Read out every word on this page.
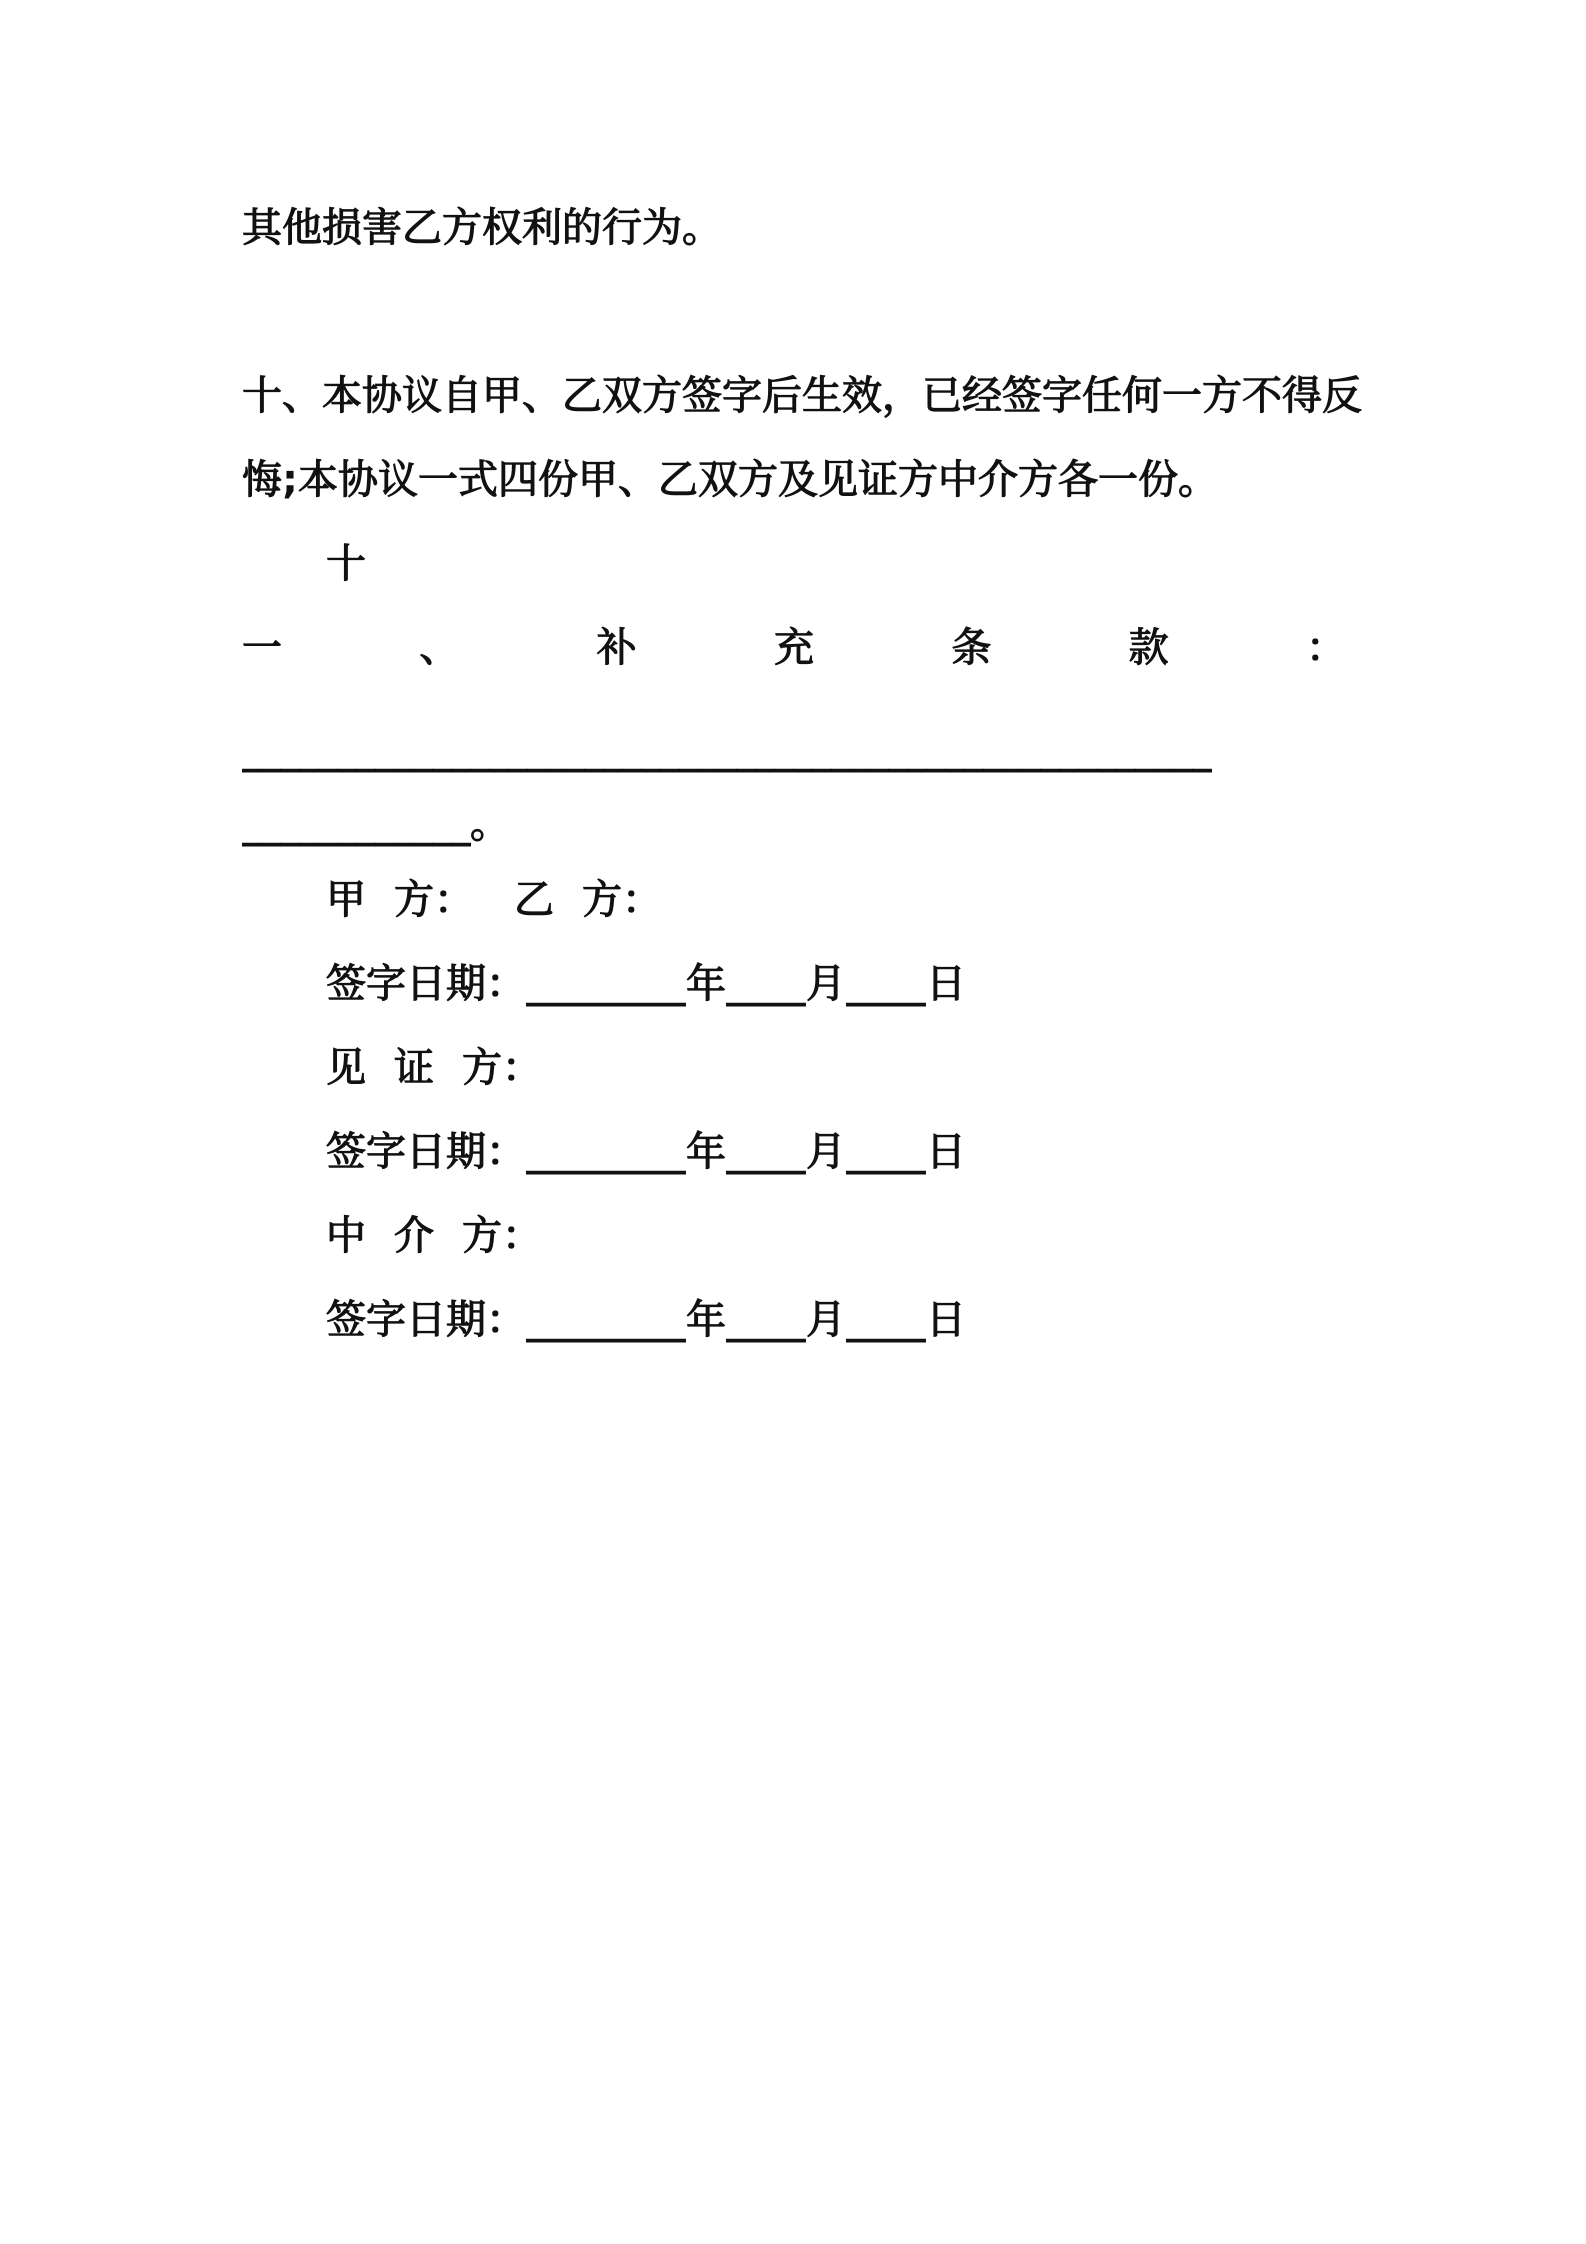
其他损害乙方权利的行为。
十、本协议自甲、乙双方签字后生效，已经签字任何一方不得反
悔;本协议一式四份甲、乙双方及见证方中介方各一份。
十
一	、	补	充	条	款	：
___________________________________________________
____________。
甲 方： 乙 方：
签字日期：________年____月____日
见 证 方：
签字日期：________年____月____日
中 介 方：
签字日期：________年____月____日
